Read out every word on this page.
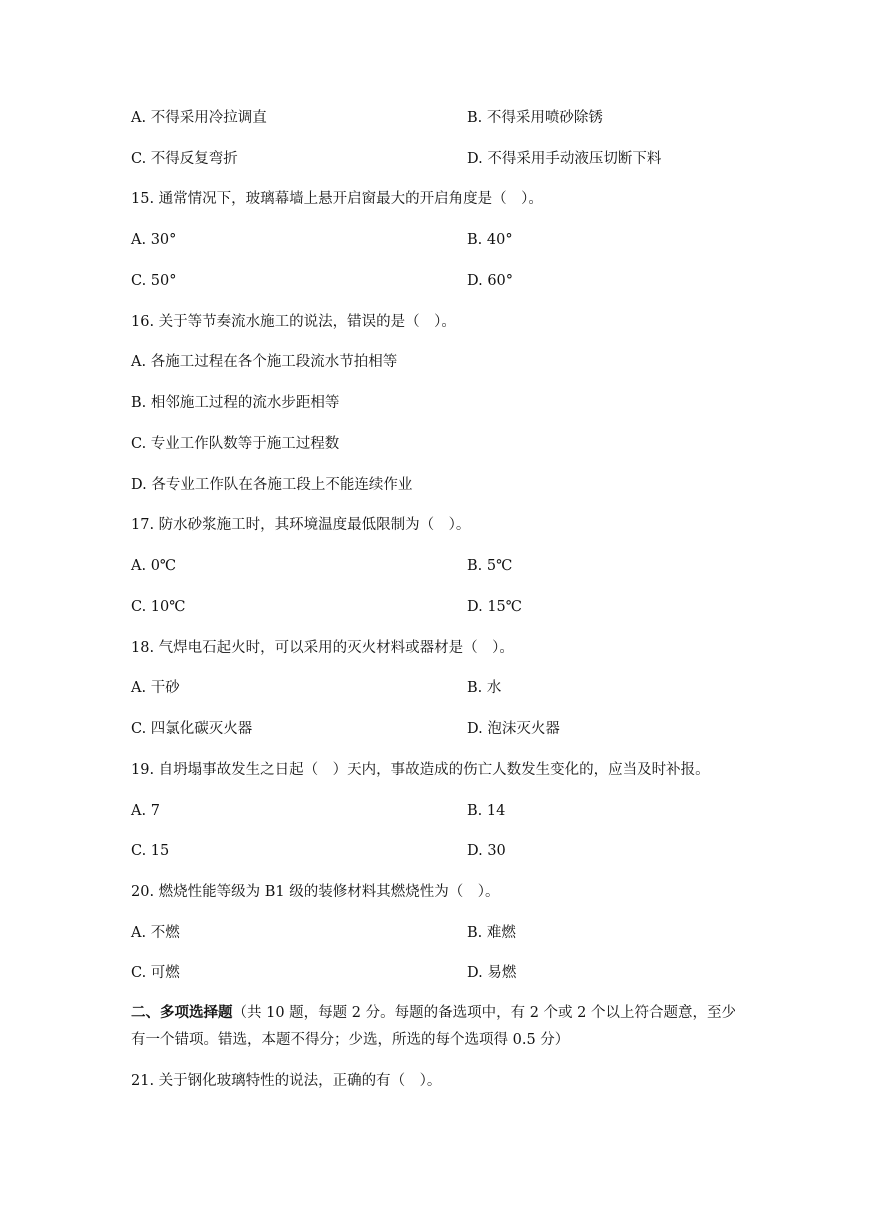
A. 不得采用冷拉调直	B. 不得采用喷砂除锈
C. 不得反复弯折	D. 不得采用手动液压切断下料
15. 通常情况下，玻璃幕墙上悬开启窗最大的开启角度是（　）。
A. 30°	B. 40°
C. 50°	D. 60°
16. 关于等节奏流水施工的说法，错误的是（　）。
A. 各施工过程在各个施工段流水节拍相等
B. 相邻施工过程的流水步距相等
C. 专业工作队数等于施工过程数
D. 各专业工作队在各施工段上不能连续作业
17. 防水砂浆施工时，其环境温度最低限制为（　）。
A. 0℃	B. 5℃
C. 10℃	D. 15℃
18. 气焊电石起火时，可以采用的灭火材料或器材是（　）。
A. 干砂	B. 水
C. 四氯化碳灭火器	D. 泡沫灭火器
19. 自坍塌事故发生之日起（　）天内，事故造成的伤亡人数发生变化的，应当及时补报。
A. 7	B. 14
C. 15	D. 30
20. 燃烧性能等级为 B1 级的装修材料其燃烧性为（　）。
A. 不燃	B. 难燃
C. 可燃	D. 易燃
二、多项选择题（共 10 题，每题 2 分。每题的备选项中，有 2 个或 2 个以上符合题意，至少有一个错项。错选，本题不得分；少选，所选的每个选项得 0.5 分）
21. 关于钢化玻璃特性的说法，正确的有（　）。
